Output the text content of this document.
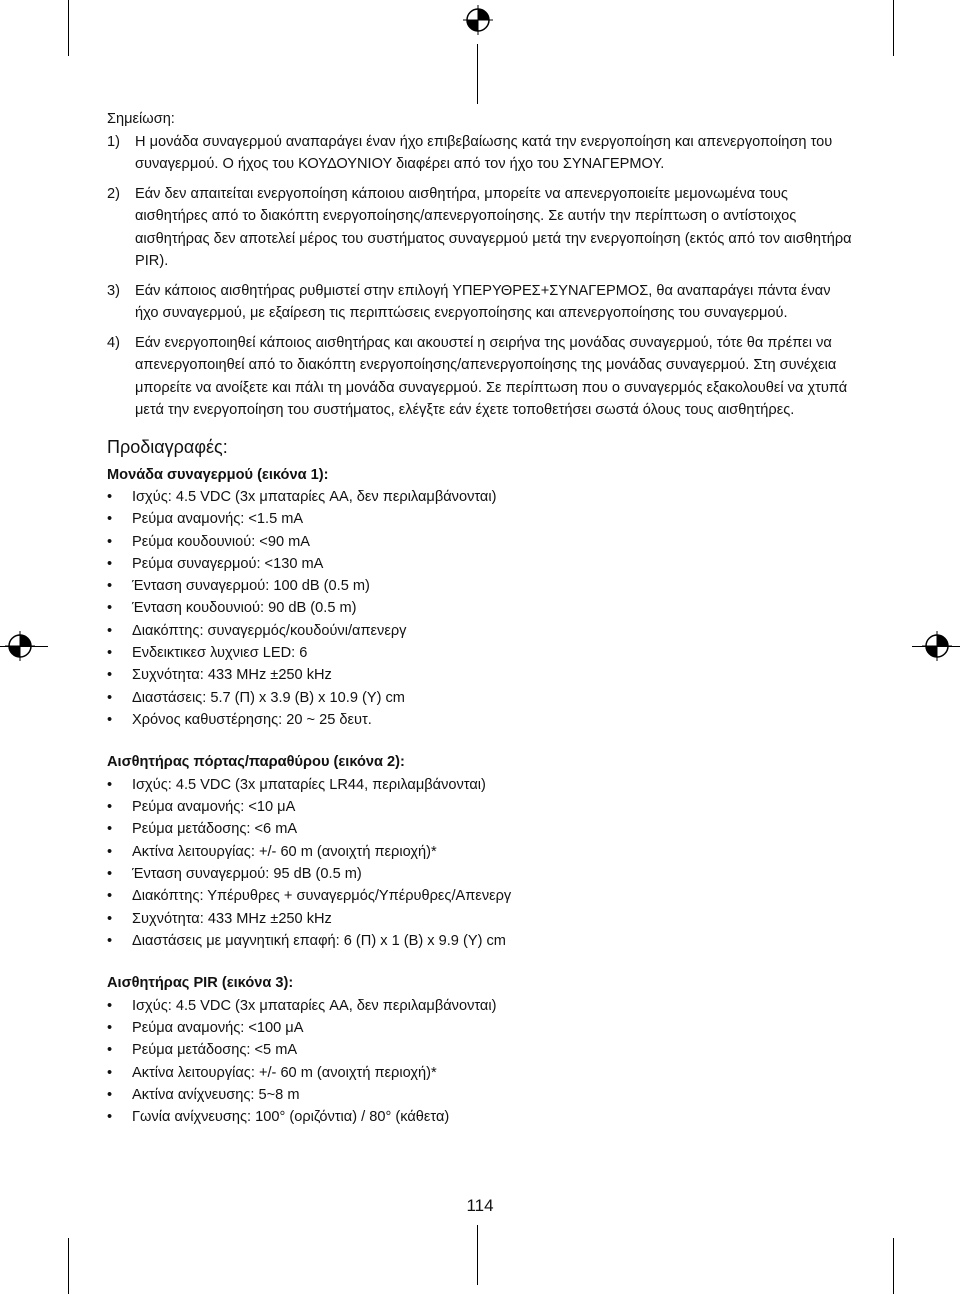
Σημείωση:

1) Η μονάδα συναγερμού αναπαράγει έναν ήχο επιβεβαίωσης κατά την ενεργοποίηση και απενεργοποίηση του συναγερμού. Ο ήχος του ΚΟΥΔΟΥΝΙΟΥ διαφέρει από τον ήχο του ΣΥΝΑΓΕΡΜΟΥ.
2) Εάν δεν απαιτείται ενεργοποίηση κάποιου αισθητήρα, μπορείτε να απενεργοποιείτε μεμονωμένα τους αισθητήρες από το διακόπτη ενεργοποίησης/απενεργοποίησης. Σε αυτήν την περίπτωση ο αντίστοιχος αισθητήρας δεν αποτελεί μέρος του συστήματος συναγερμού μετά την ενεργοποίηση (εκτός από τον αισθητήρα PIR).
3) Εάν κάποιος αισθητήρας ρυθμιστεί στην επιλογή ΥΠΕΡΥΘΡΕΣ+ΣΥΝΑΓΕΡΜΟΣ, θα αναπαράγει πάντα έναν ήχο συναγερμού, με εξαίρεση τις περιπτώσεις ενεργοποίησης και απενεργοποίησης του συναγερμού.
4) Εάν ενεργοποιηθεί κάποιος αισθητήρας και ακουστεί η σειρήνα της μονάδας συναγερμού, τότε θα πρέπει να απενεργοποιηθεί από το διακόπτη ενεργοποίησης/απενεργοποίησης της μονάδας συναγερμού. Στη συνέχεια μπορείτε να ανοίξετε και πάλι τη μονάδα συναγερμού. Σε περίπτωση που ο συναγερμός εξακολουθεί να χτυπά μετά την ενεργοποίηση του συστήματος, ελέγξτε εάν έχετε τοποθετήσει σωστά όλους τους αισθητήρες.
Προδιαγραφές:
Μονάδα συναγερμού (εικόνα 1):
• Ισχύς: 4.5 VDC (3x μπαταρίες AA, δεν περιλαμβάνονται)
• Ρεύμα αναμονής: <1.5 mA
• Ρεύμα κουδουνιού: <90 mA
• Ρεύμα συναγερμού: <130 mA
• Ένταση συναγερμού: 100 dB (0.5 m)
• Ένταση κουδουνιού: 90 dB (0.5 m)
• Διακόπτης: συναγερμός/κουδούνι/απενεργ
• Ενδεικτικεσ λυχνιεσ LED: 6
• Συχνότητα: 433 MHz ±250 kHz
• Διαστάσεις: 5.7 (Π) x 3.9 (Β) x 10.9 (Υ) cm
• Χρόνος καθυστέρησης: 20 ~ 25 δευτ.
Αισθητήρας πόρτας/παραθύρου (εικόνα 2):
• Ισχύς: 4.5 VDC (3x μπαταρίες LR44, περιλαμβάνονται)
• Ρεύμα αναμονής: <10 μA
• Ρεύμα μετάδοσης: <6 mA
• Ακτίνα λειτουργίας: +/- 60 m (ανοιχτή περιοχή)*
• Ένταση συναγερμού: 95 dB (0.5 m)
• Διακόπτης: Υπέρυθρες + συναγερμός/Υπέρυθρες/Απενεργ
• Συχνότητα: 433 MHz ±250 kHz
• Διαστάσεις με μαγνητική επαφή: 6 (Π) x 1 (Β) x 9.9 (Υ) cm
Αισθητήρας PIR (εικόνα 3):
• Ισχύς: 4.5 VDC (3x μπαταρίες AA, δεν περιλαμβάνονται)
• Ρεύμα αναμονής: <100 μA
• Ρεύμα μετάδοσης: <5 mA
• Ακτίνα λειτουργίας: +/- 60 m (ανοιχτή περιοχή)*
• Ακτίνα ανίχνευσης: 5~8 m
• Γωνία ανίχνευσης: 100° (οριζόντια) / 80° (κάθετα)
114
